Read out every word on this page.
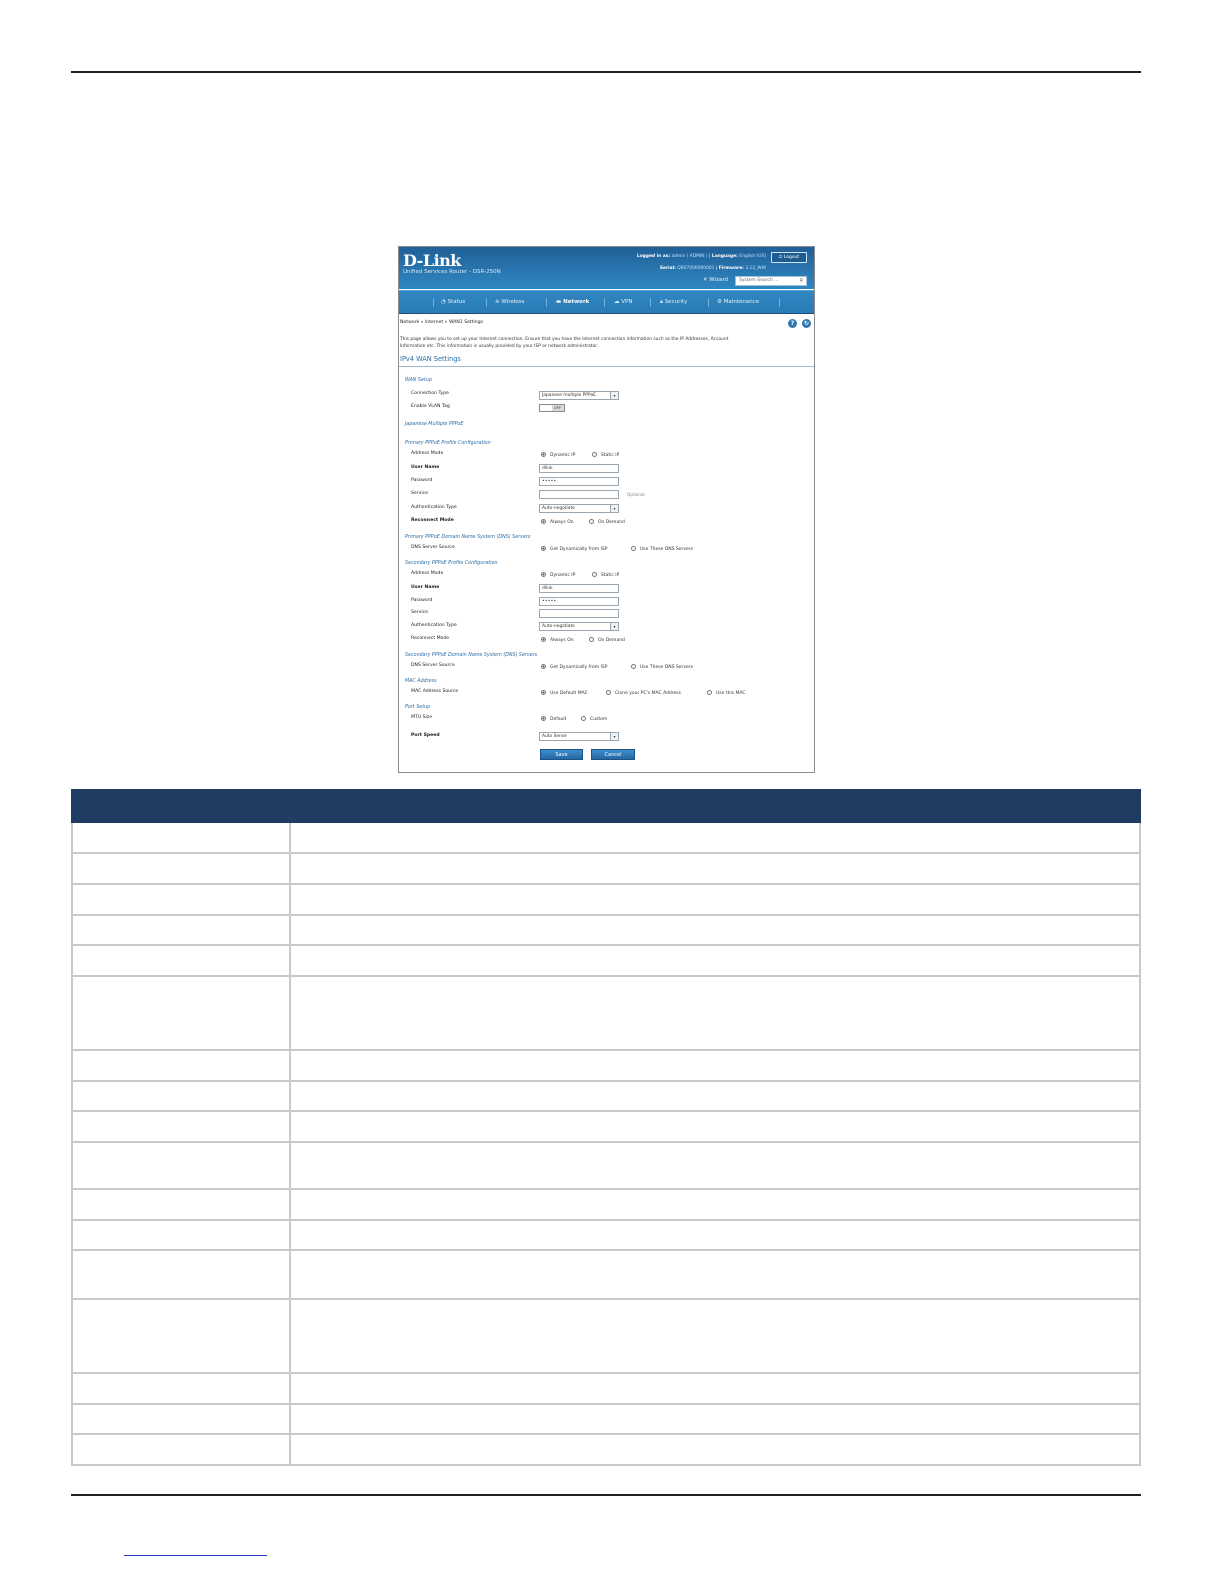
D-Link
Unified Services Router - DSR-250N
Logged in as: admin ( ADMIN ) | Language: English [US]
Serial: QB07000000001 | Firmware: 3.12_WW
⏻ Logout
✕ Wizard	System Search ...	⚲
◔ Status	≋ Wireless	▬ Network	☁ VPN	🔒︎ Security	⚙ Maintenance
Network » Internet » WAN1 Settings	?	↻
This page allows you to set up your Internet connection. Ensure that you have the Internet connection information such as the IP Addresses, Account
Information etc. This information is usually provided by your ISP or network administrator.
IPv4 WAN Settings
WAN Setup
Connection Type	Japanese multiple PPPoE	▾
Enable VLAN Tag	OFF
Japanese Multiple PPPoE
Primary PPPoE Profile Configuration
Address Mode	Dynamic IP	Static IP
User Name	dlink
Password	•••••
Service	Optional
Authentication Type	Auto-negotiate	▾
Reconnect Mode	Always On	On Demand
Primary PPPoE Domain Name System (DNS) Servers
DNS Server Source	Get Dynamically from ISP	Use These DNS Servers
Secondary PPPoE Profile Configuration
Address Mode	Dynamic IP	Static IP
User Name	dlink
Password	•••••
Service
Authentication Type	Auto-negotiate	▾
Reconnect Mode	Always On	On Demand
Secondary PPPoE Domain Name System (DNS) Servers
DNS Server Source	Get Dynamically from ISP	Use These DNS Servers
MAC Address
MAC Address Source	Use Default MAC	Clone your PC's MAC Address	Use this MAC
Port Setup
MTU Size	Default	Custom
Port Speed	Auto Sense	▾
Save	Cancel
